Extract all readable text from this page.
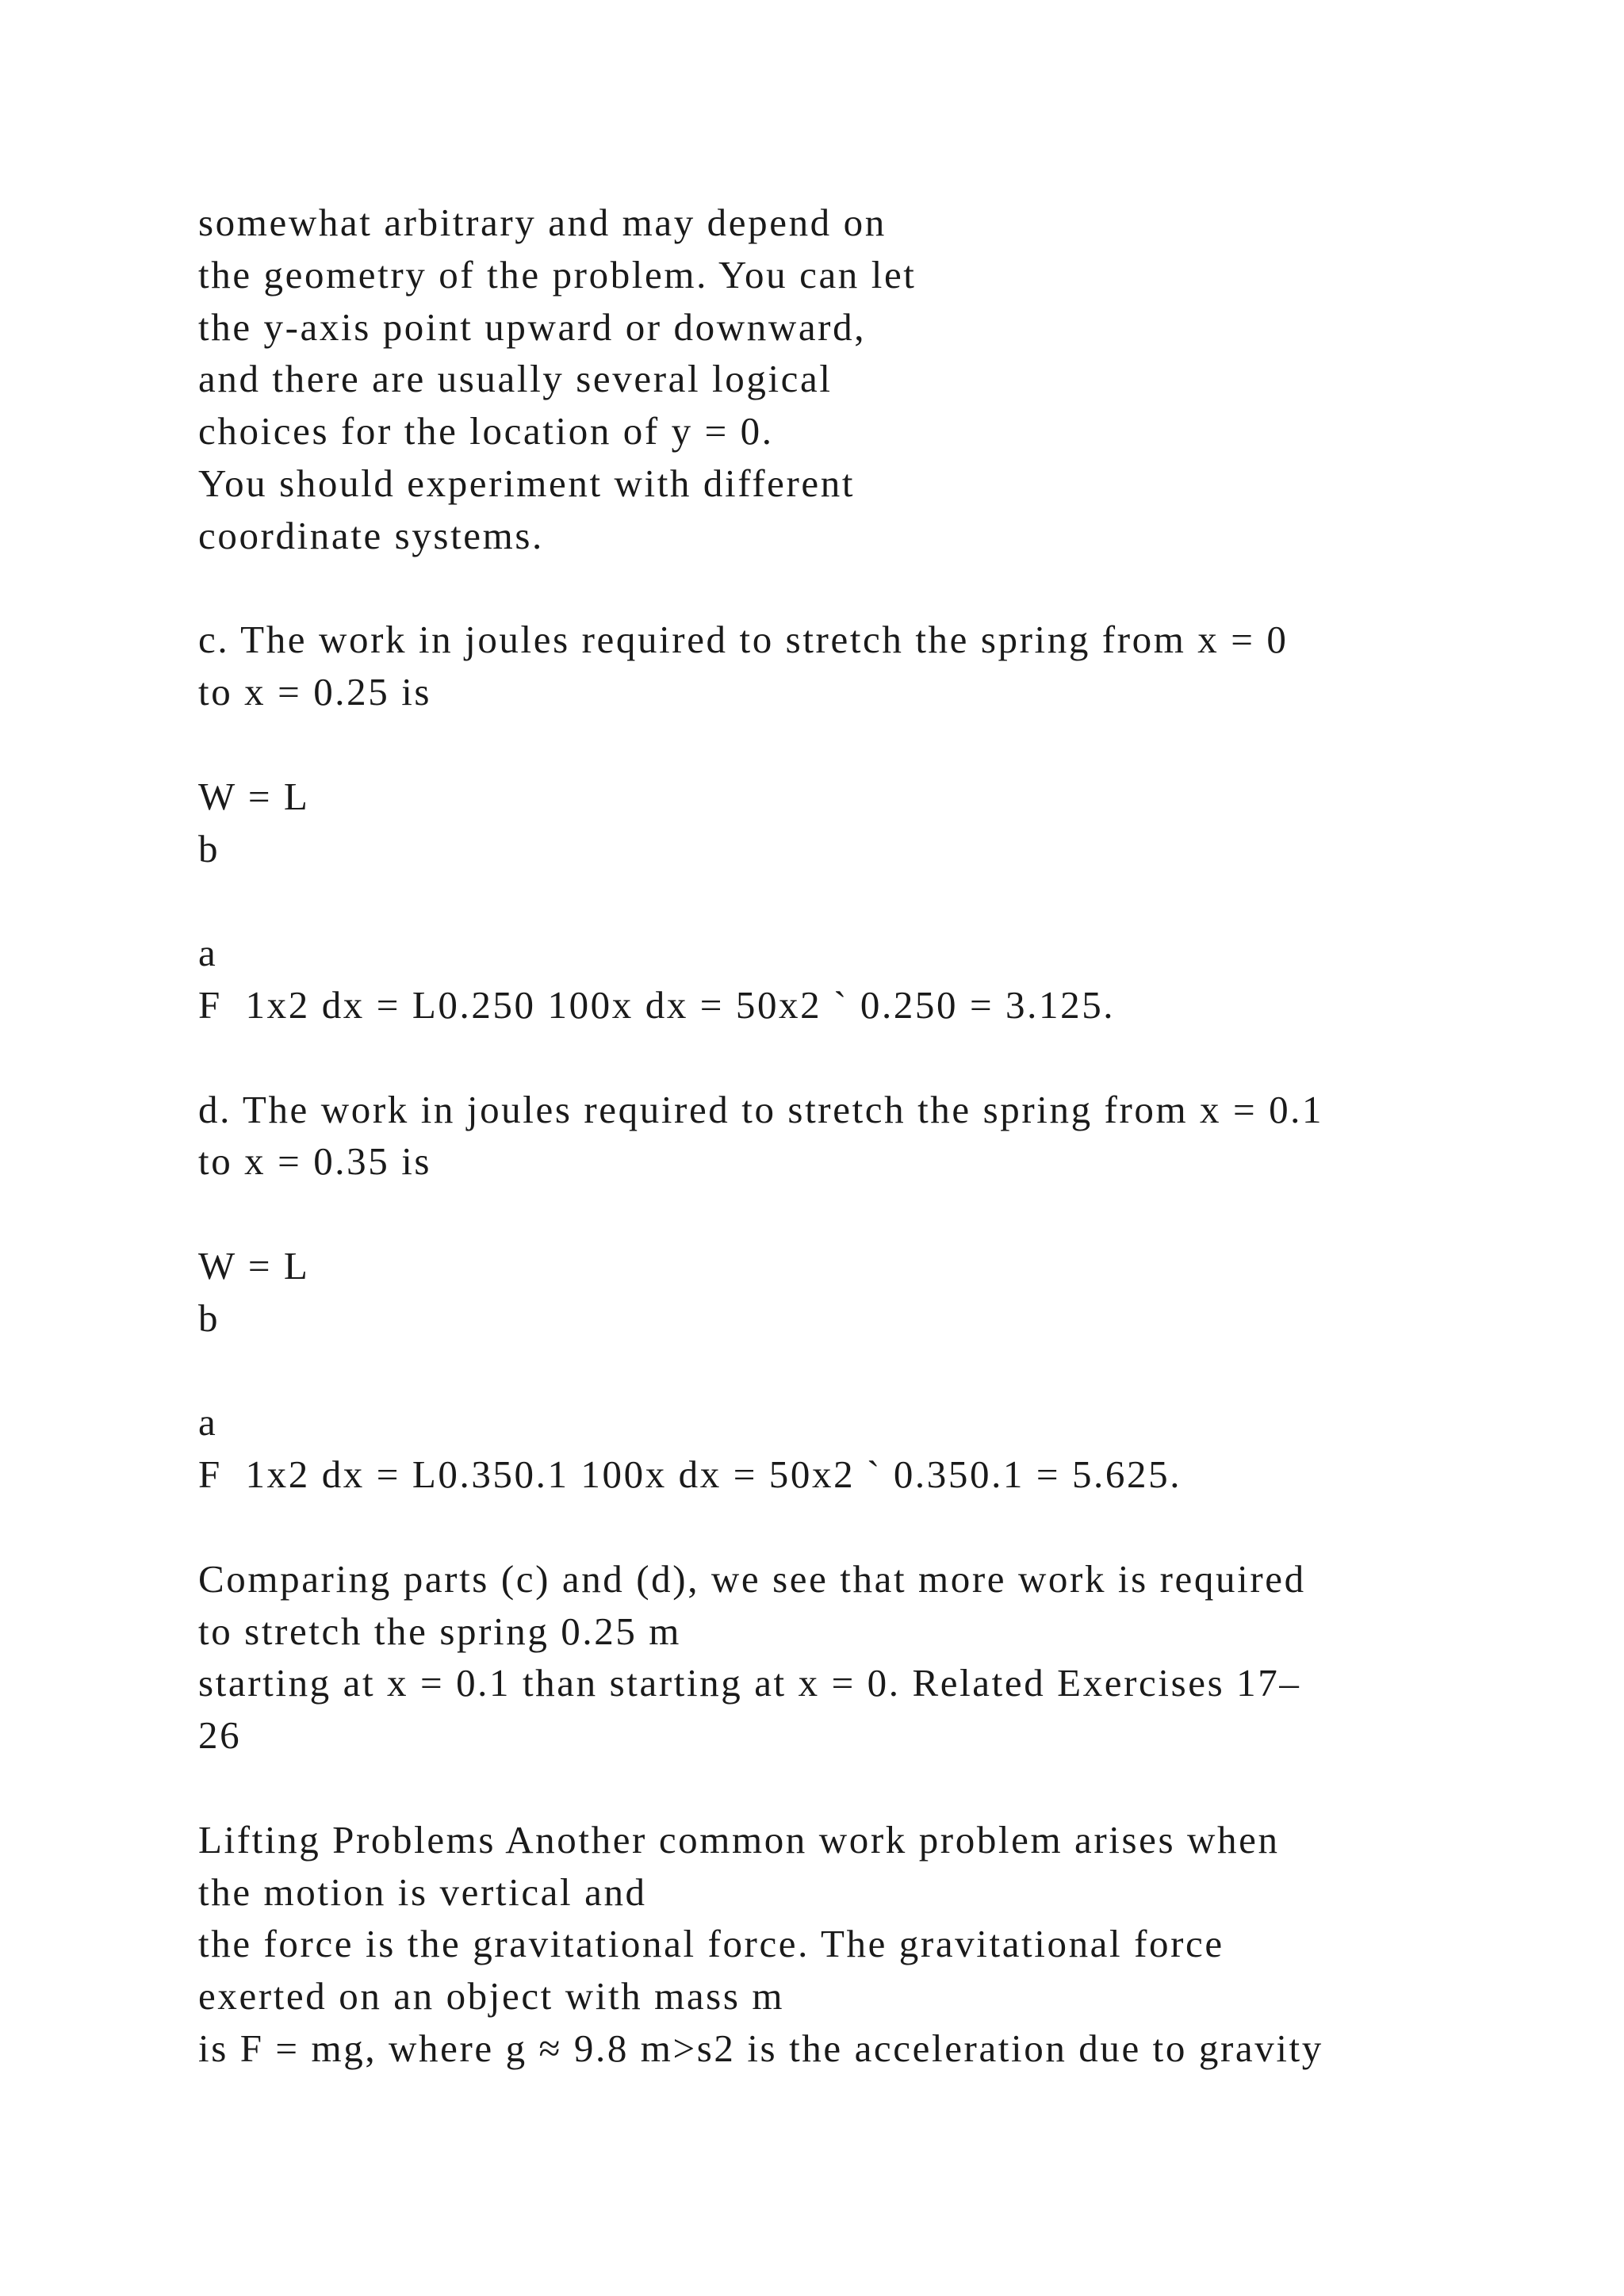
somewhat arbitrary and may depend on
the geometry of the problem. You can let
the y-axis point upward or downward,
and there are usually several logical
choices for the location of y = 0.
You should experiment with different
coordinate systems.
c. The work in joules required to stretch the spring from x = 0
to x = 0.25 is
W = L
b
a
F  1x2 dx = L0.250 100x dx = 50x2 ` 0.250 = 3.125.
d. The work in joules required to stretch the spring from x = 0.1
to x = 0.35 is
W = L
b
a
F  1x2 dx = L0.350.1 100x dx = 50x2 ` 0.350.1 = 5.625.
Comparing parts (c) and (d), we see that more work is required
to stretch the spring 0.25 m
starting at x = 0.1 than starting at x = 0. Related Exercises 17–
26
Lifting Problems Another common work problem arises when
the motion is vertical and
the force is the gravitational force. The gravitational force
exerted on an object with mass m
is F = mg, where g ≈ 9.8 m>s2 is the acceleration due to gravity
